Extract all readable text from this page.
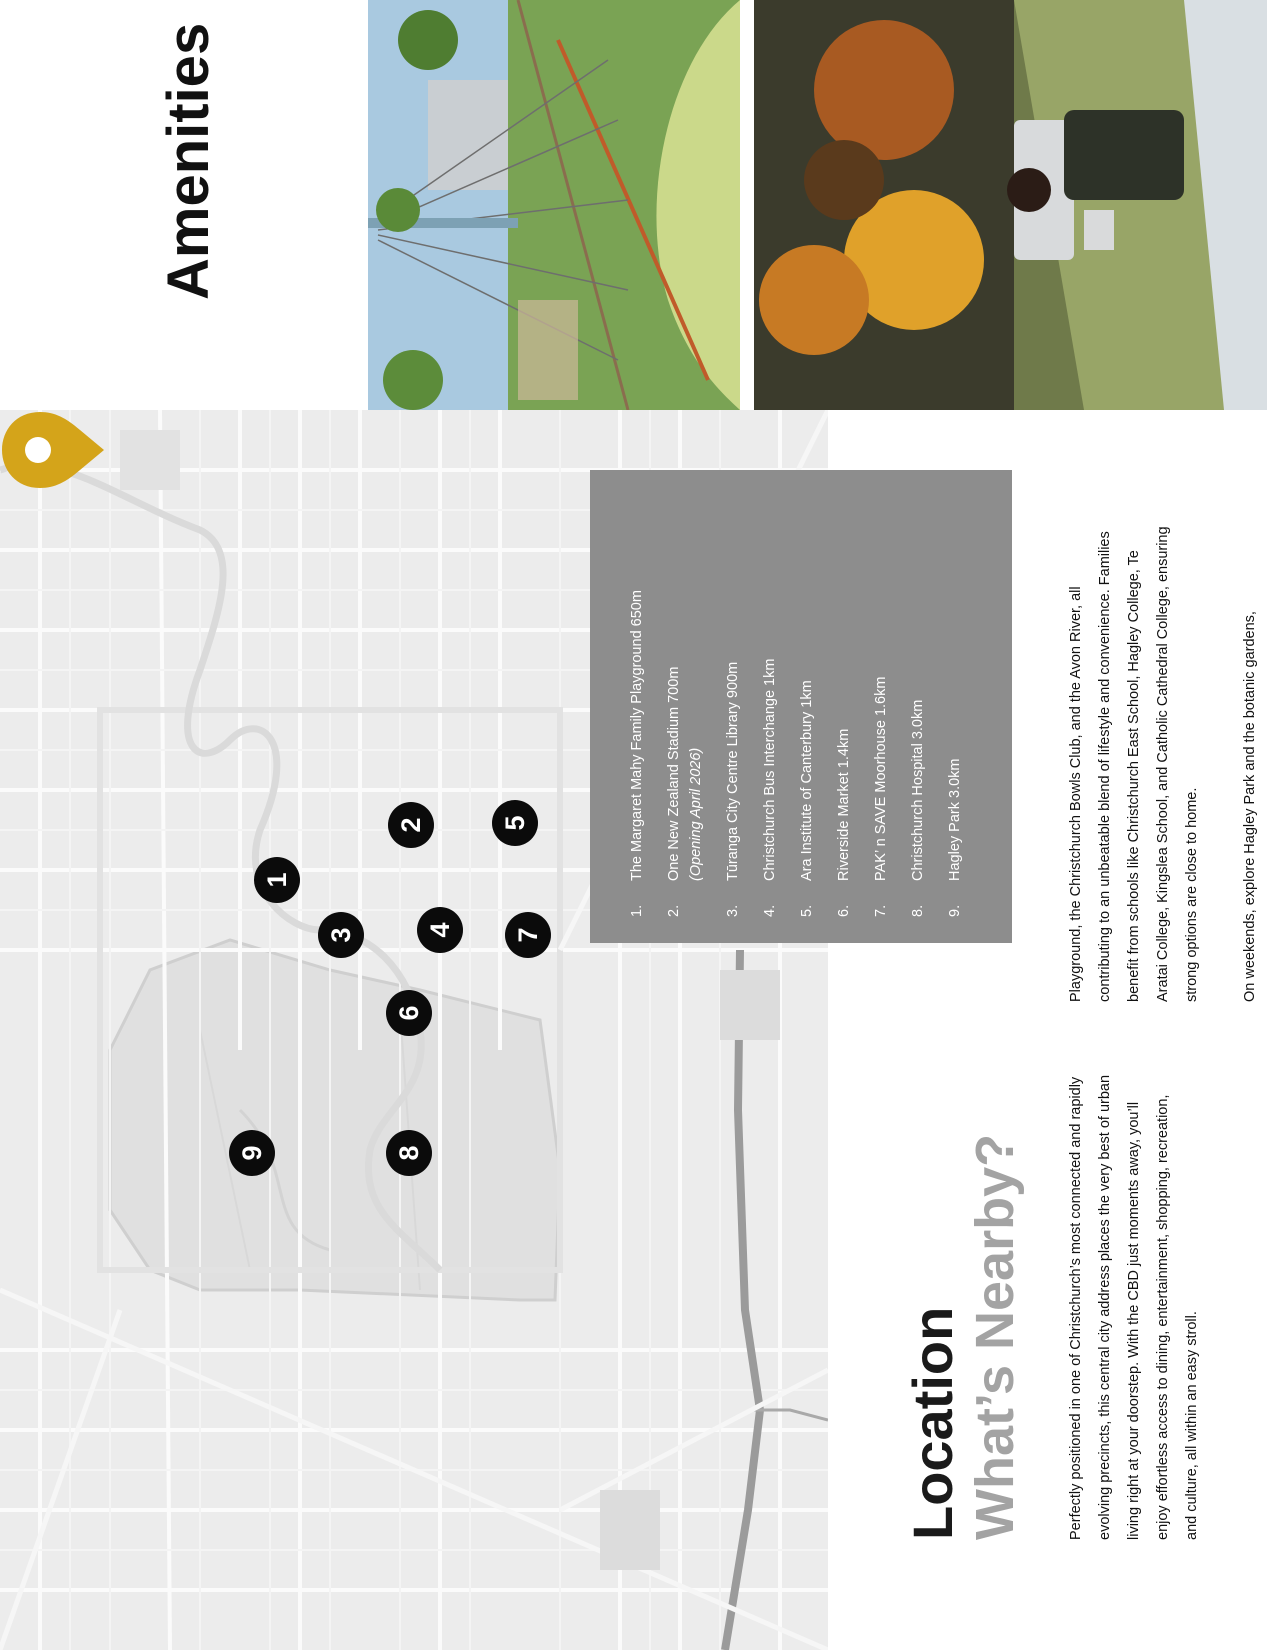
1
2
3	4
5
6
7
8
9
1.
The Margaret Mahy Family Playground 650m
2.
One New Zealand Stadium 700m (Opening April 2026)
3.
Tūranga City Centre Library 900m
4.
Christchurch Bus Interchange 1km
5.
Ara Institute of Canterbury 1km
6.
Riverside Market 1.4km
7.
PAK’ n SAVE Moorhouse 1.6km
8.
Christchurch Hospital 3.0km
9.
Hagley Park 3.0km
Amenities
Location What’s Nearby?	Perfectly positioned in one of Christchurch’s most connected and rapidly evolving precincts, this central city address places the very best of urban living right at your doorstep. With the CBD just moments away, you’ll enjoy effortless access to dining, entertainment, shopping, recreation, and culture, all within an easy stroll.

Playground, the Christchurch Bowls Club, and the Avon River, all contributing to an unbeatable blend of lifestyle and convenience. Families benefit from schools like Christchurch East School, Hagley College, Te Aratai College, Kingslea School, and Catholic Cathedral College, ensuring strong options are close to home.	On weekends, explore Hagley Park and the botanic gardens,
